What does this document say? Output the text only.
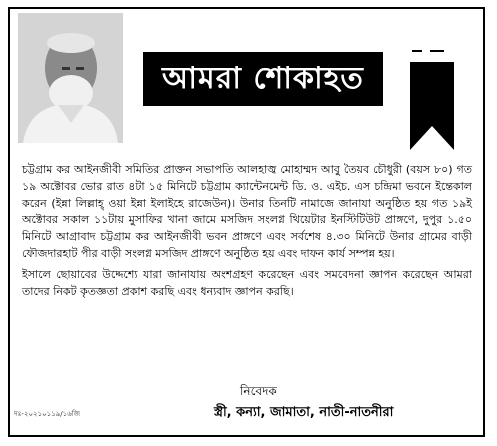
আমরা শোকাহত

চট্টগ্রাম কর আইনজীবী সমিতির প্রাক্তন সভাপতি আলহাজ্ব মোহাম্মদ আবু তৈয়ব চৌধুরী (বয়স ৮০) গত ১৯ অক্টোবর ভোর রাত ৪টা ১৫ মিনিটে চট্টগ্রাম ক্যান্টেনমেন্ট ডি. ও. এইচ. এস চন্দ্রিমা ভবনে ইন্তেকাল করেন (ইন্না লিল্লাহ্ ওয়া ইন্না ইলাইহে রাজেউন)। উনার তিনটি নামাজে জানাযা অনুষ্ঠিত হয় গত ১৯ই অক্টোবর সকাল ১১টায় মুসাফির খানা জামে মসজিদ সংলগ্ন থিয়েটার ইনস্টিটিউট প্রাঙ্গণে, দুপুর ১.৫০ মিনিটে আগ্রাবাদ চট্টগ্রাম কর আইনজীবী ভবন প্রাঙ্গণে এবং সর্বশেষ ৪.৩০ মিনিটে উনার গ্রামের বাড়ী ফৌজদারহাট পীর বাড়ী সংলগ্ন মসজিদ প্রাঙ্গণে অনুষ্ঠিত হয় এবং দাফন কার্য সম্পন্ন হয়।

ইসালে ছোয়াবের উদ্দেশ্যে যারা জানাযায় অংশগ্রহণ করেছেন এবং সমবেদনা জ্ঞাপন করেছেন আমরা তাদের নিকট কৃতজ্ঞতা প্রকাশ করছি এবং ধন্যবাদ জ্ঞাপন করছি।

নিবেদক
স্ত্রী, কন্যা, জামাতা, নাতী-নাতনীরা
দঃ-২০২১০১১৯/১৬জি
